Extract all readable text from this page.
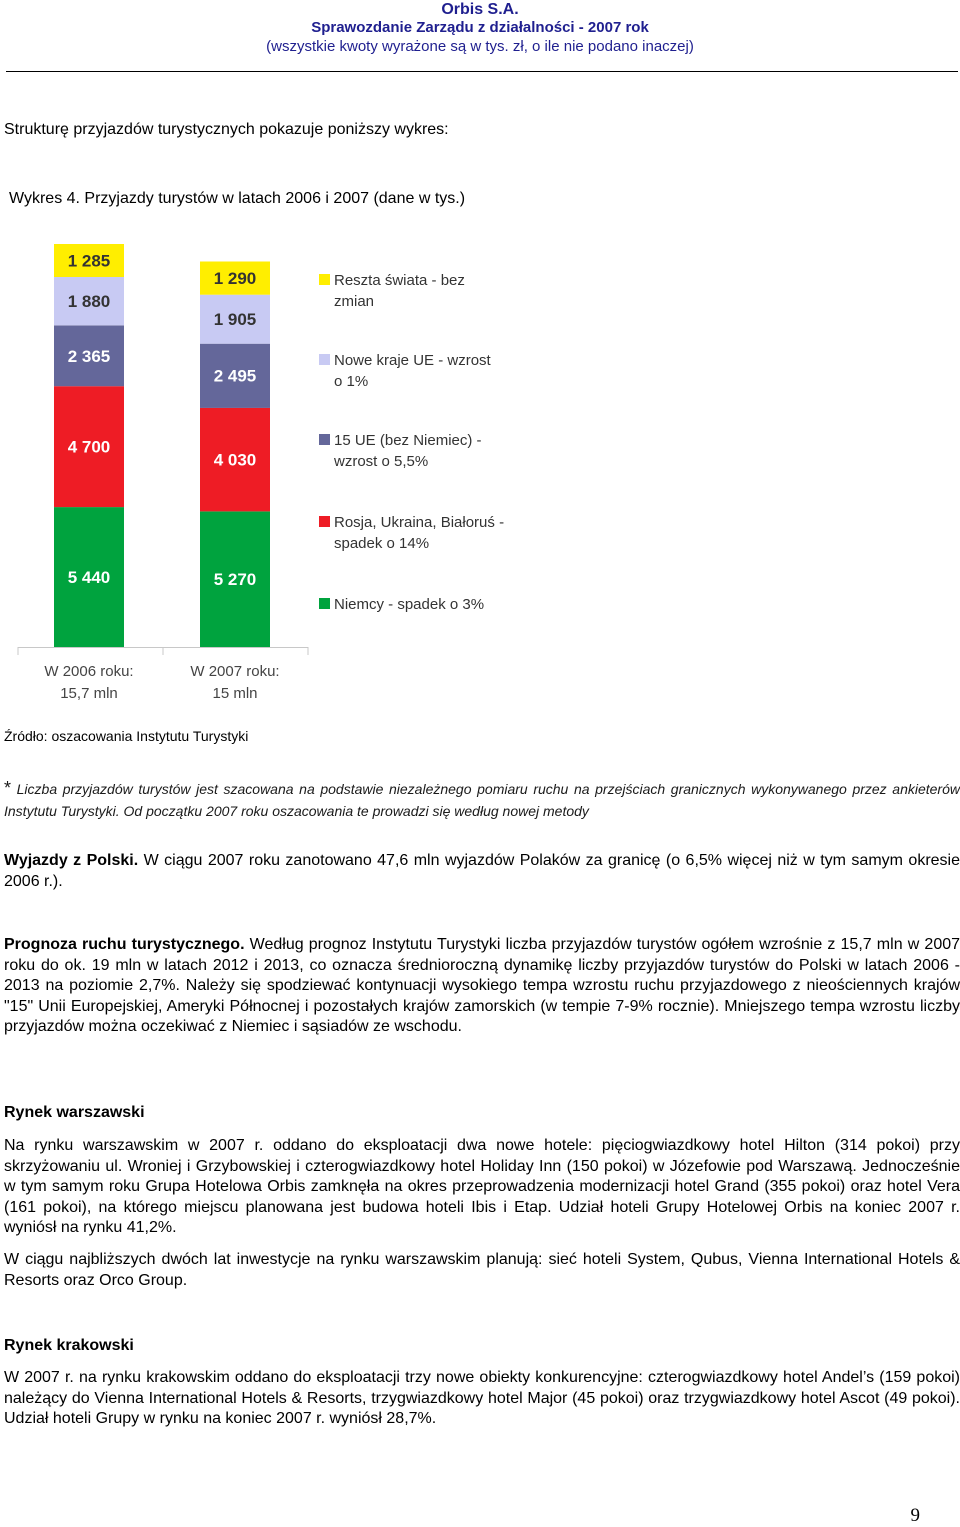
Orbis S.A.
Sprawozdanie Zarządu z działalności - 2007 rok
(wszystkie kwoty wyrażone są w tys. zł, o ile nie podano inaczej)
Strukturę przyjazdów turystycznych pokazuje poniższy wykres:
Wykres 4. Przyjazdy turystów w latach 2006 i 2007 (dane w tys.)
5 440
4 700
2 365
1 880
1 285
W 2006 roku:
15,7 mln
5 270
4 030
2 495
1 905
1 290
W 2007 roku:
15 mln
Reszta świata - bez
zmian
Nowe kraje UE - wzrost
o 1%
15 UE (bez Niemiec) -
wzrost o 5,5%
Rosja, Ukraina, Białoruś -
spadek o 14%
Niemcy - spadek o 3%
Źródło: oszacowania Instytutu Turystyki
* Liczba przyjazdów turystów jest szacowana na podstawie niezależnego pomiaru ruchu na przejściach granicznych wykonywanego przez ankieterów Instytutu Turystyki. Od początku 2007 roku oszacowania te prowadzi się według nowej metody
Wyjazdy z Polski. W ciągu 2007 roku zanotowano 47,6 mln wyjazdów Polaków za granicę (o 6,5% więcej niż w tym samym okresie 2006 r.).
Prognoza ruchu turystycznego. Według prognoz Instytutu Turystyki liczba przyjazdów turystów ogółem wzrośnie z 15,7 mln w 2007 roku do ok. 19 mln w latach 2012 i 2013, co oznacza średnioroczną dynamikę liczby przyjazdów turystów do Polski w latach 2006 - 2013 na poziomie 2,7%. Należy się spodziewać kontynuacji wysokiego tempa wzrostu ruchu przyjazdowego z nieościennych krajów "15" Unii Europejskiej, Ameryki Północnej i pozostałych krajów zamorskich (w tempie 7-9% rocznie). Mniejszego tempa wzrostu liczby przyjazdów można oczekiwać z Niemiec i sąsiadów ze wschodu.
Rynek warszawski
Na rynku warszawskim w 2007 r. oddano do eksploatacji dwa nowe hotele: pięciogwiazdkowy hotel Hilton (314 pokoi) przy skrzyżowaniu ul. Wroniej i Grzybowskiej i czterogwiazdkowy hotel Holiday Inn (150 pokoi) w Józefowie pod Warszawą. Jednocześnie w tym samym roku Grupa Hotelowa Orbis zamknęła na okres przeprowadzenia modernizacji hotel Grand (355 pokoi) oraz hotel Vera (161 pokoi), na którego miejscu planowana jest budowa hoteli Ibis i Etap. Udział hoteli Grupy Hotelowej Orbis na koniec 2007 r. wyniósł na rynku 41,2%.
W ciągu najbliższych dwóch lat inwestycje na rynku warszawskim planują: sieć hoteli System, Qubus, Vienna International Hotels & Resorts oraz Orco Group.
Rynek krakowski
W 2007 r. na rynku krakowskim oddano do eksploatacji trzy nowe obiekty konkurencyjne: czterogwiazdkowy hotel Andel’s (159 pokoi) należący do Vienna International Hotels & Resorts, trzygwiazdkowy hotel Major (45 pokoi) oraz trzygwiazdkowy hotel Ascot (49 pokoi). Udział hoteli Grupy w rynku na koniec 2007 r. wyniósł 28,7%.
9
